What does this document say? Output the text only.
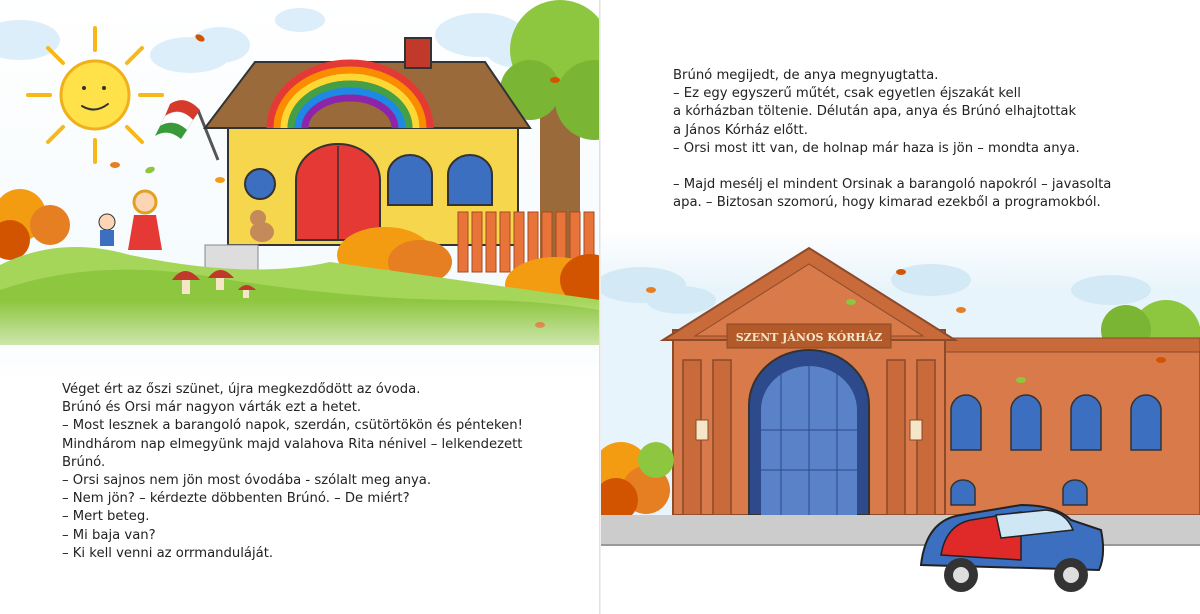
Véget ért az őszi szünet, újra megkezdődött az óvoda.

Brúnó és Orsi már nagyon várták ezt a hetet.

– Most lesznek a barangoló napok, szerdán, csütörtökön és pénteken!

Mindhárom nap elmegyünk majd valahova Rita nénivel – lelkendezett

Brúnó.

– Orsi sajnos nem jön most óvodába - szólalt meg anya.

– Nem jön? – kérdezte döbbenten Brúnó. – De miért?

– Mert beteg.

– Mi baja van?

– Ki kell venni az orrmanduláját.

SZENT JÁNOS KÓRHÁZ

Brúnó megijedt, de anya megnyugtatta.

– Ez egy egyszerű műtét, csak egyetlen éjszakát kell

a kórházban töltenie. Délután apa, anya és Brúnó elhajtottak

a János Kórház előtt.

– Orsi most itt van, de holnap már haza is jön – mondta anya.

– Majd mesélj el mindent Orsinak a barangoló napokról – javasolta

apa. – Biztosan szomorú, hogy kimarad ezekből a programokból.
